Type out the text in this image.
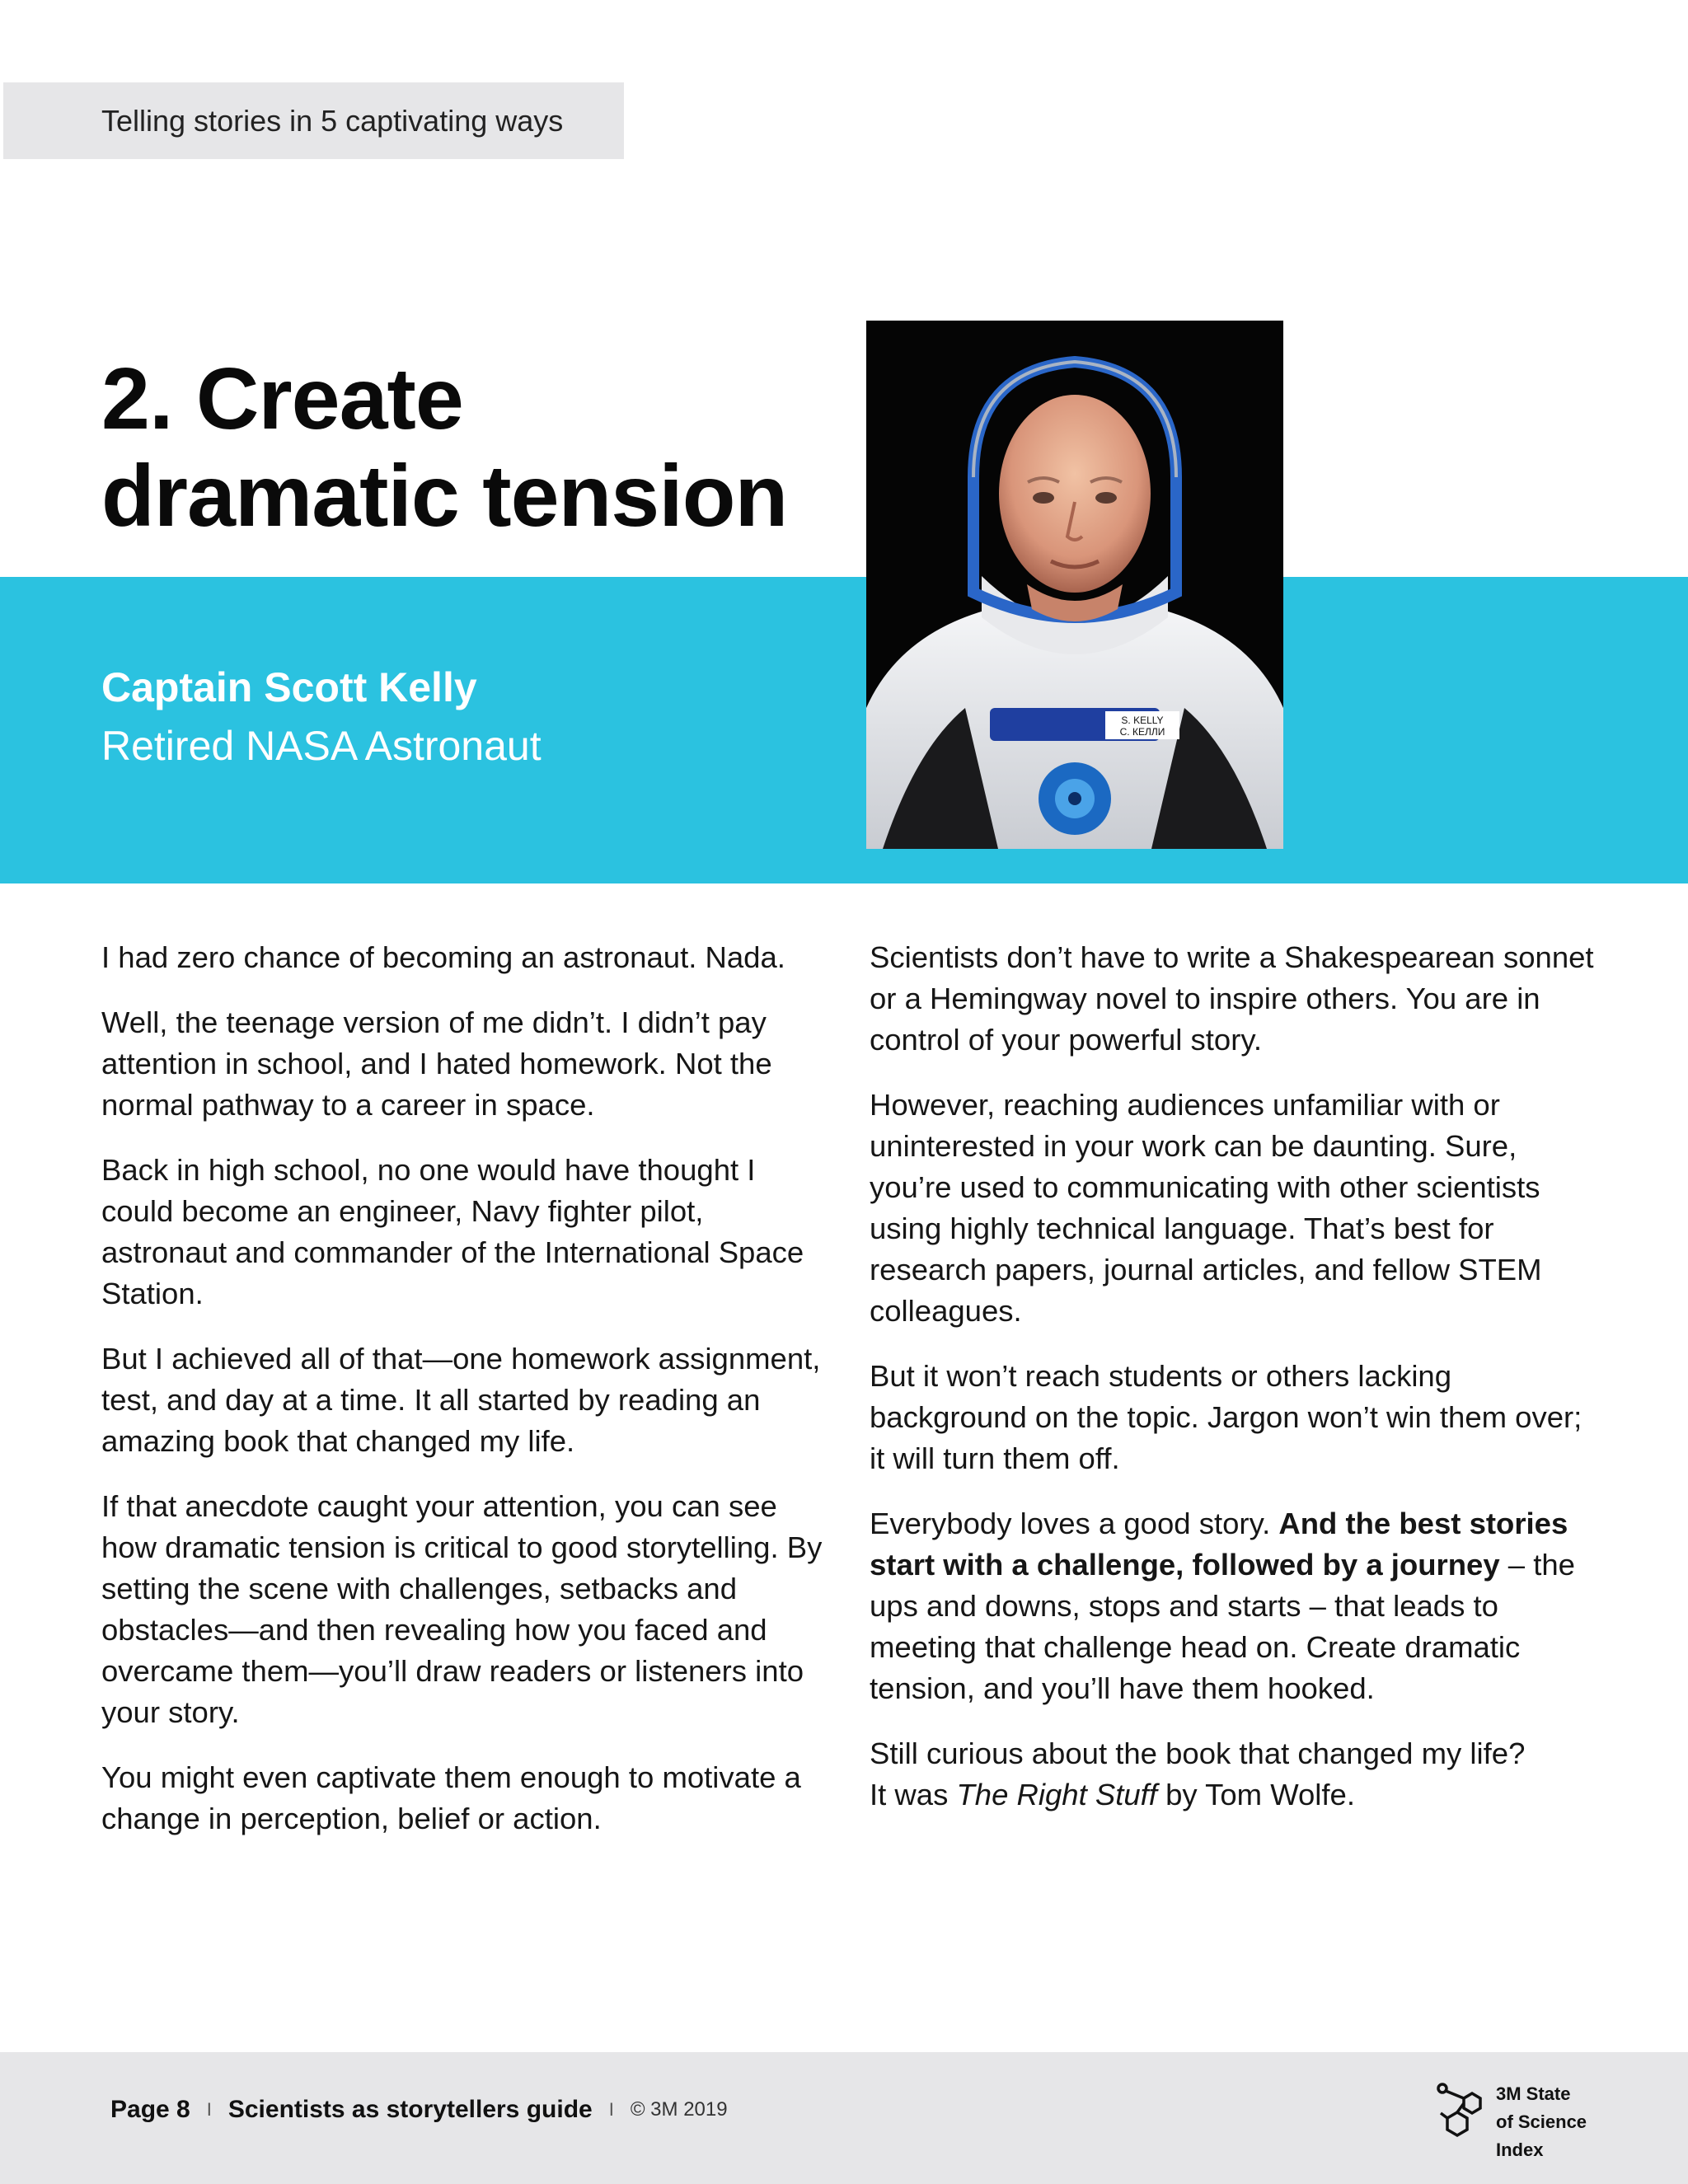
Telling stories in 5 captivating ways
2. Create
dramatic tension
Captain Scott Kelly
Retired NASA Astronaut
S. KELLY
С. КЕЛЛИ

I had zero chance of becoming an astronaut. Nada.

Well, the teenage version of me didn’t. I didn’t pay attention in school, and I hated homework. Not the normal pathway to a career in space.

Back in high school, no one would have thought I could become an engineer, Navy fighter pilot, astronaut and commander of the International Space Station.

But I achieved all of that—one homework assignment, test, and day at a time. It all started by reading an amazing book that changed my life.

If that anecdote caught your attention, you can see how dramatic tension is critical to good storytelling. By setting the scene with challenges, setbacks and obstacles—and then revealing how you faced and overcame them—you’ll draw readers or listeners into your story.

You might even captivate them enough to motivate a change in perception, belief or action.

Scientists don’t have to write a Shakespearean sonnet or a Hemingway novel to inspire others. You are in control of your powerful story.

However, reaching audiences unfamiliar with or uninterested in your work can be daunting. Sure, you’re used to communicating with other scientists using highly technical language. That’s best for research papers, journal articles, and fellow STEM colleagues.

But it won’t reach students or others lacking background on the topic. Jargon won’t win them over; it will turn them off.

Everybody loves a good story. And the best stories start with a challenge, followed by a journey – the ups and downs, stops and starts – that leads to meeting that challenge head on. Create dramatic tension, and you’ll have them hooked.

Still curious about the book that changed my life?
It was The Right Stuff by Tom Wolfe.

Page 8 I Scientists as storytellers guide I © 3M 2019
3M State
of Science
Index
